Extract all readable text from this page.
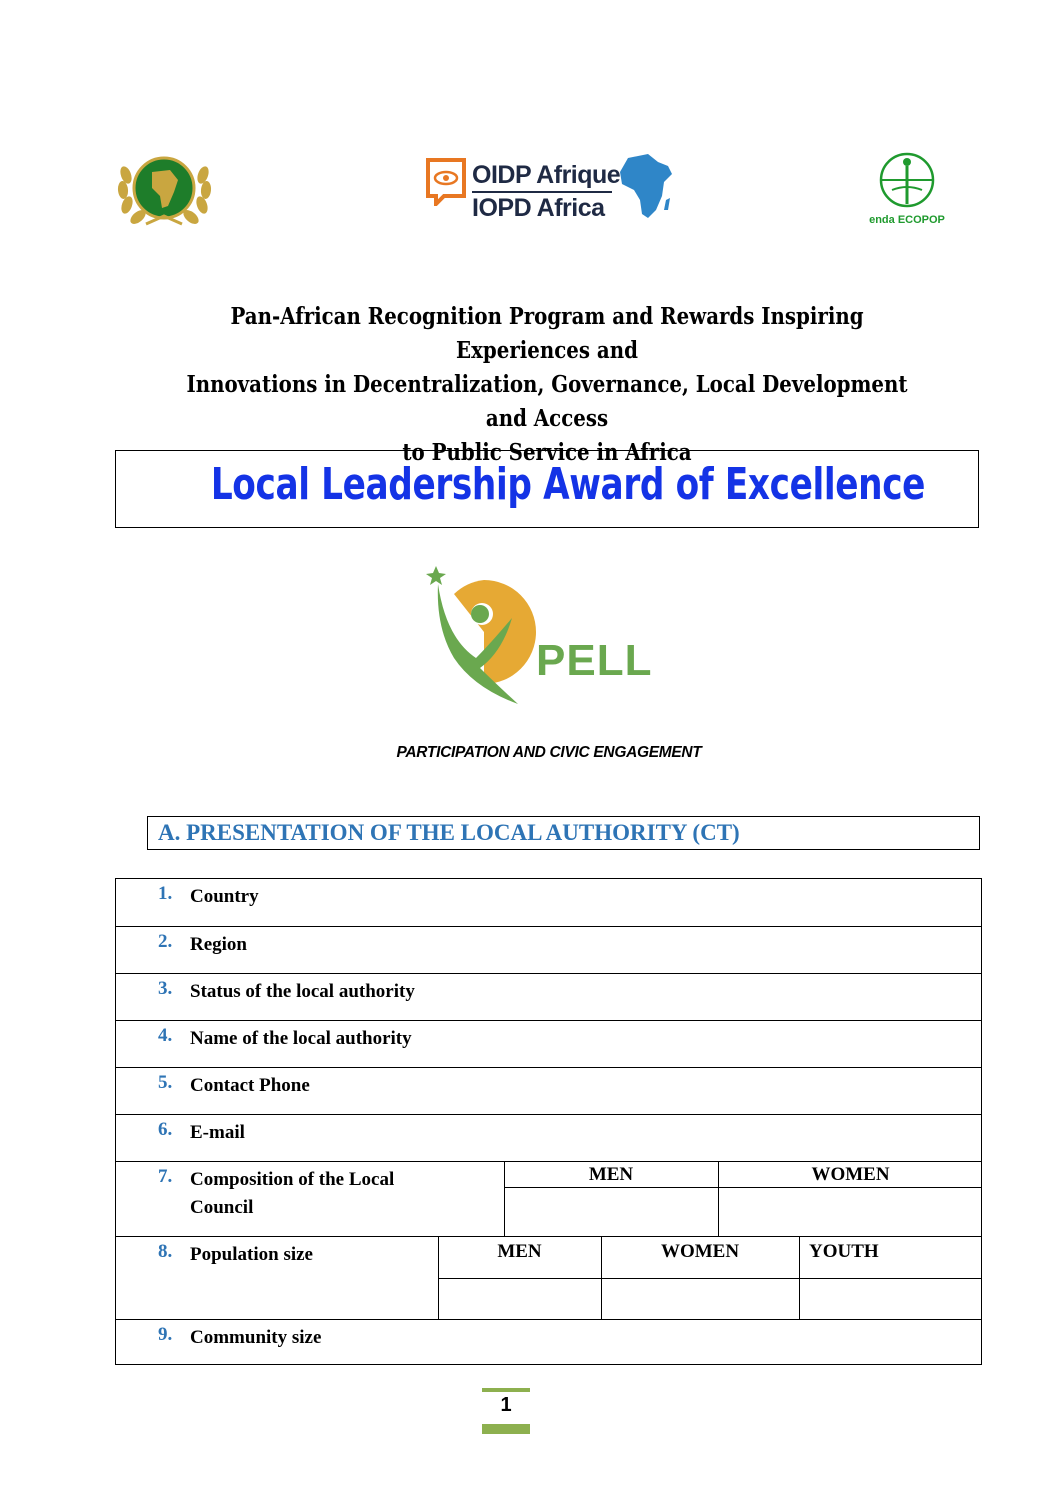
OIDP Afrique
IOPD Africa	enda ECOPOP
Pan-African Recognition Program and Rewards Inspiring Experiences and
Innovations in Decentralization, Governance, Local Development and Access
to Public Service in Africa
Local Leadership Award of Excellence
PELL
PARTICIPATION AND CIVIC ENGAGEMENT
A. PRESENTATION OF THE LOCAL AUTHORITY (CT)
1. Country
2. Region
3. Status of the local authority
4. Name of the local authority
5. Contact Phone
6. E-mail
7. Composition of the Local
Council
MEN	WOMEN
8. Population size	MEN	WOMEN	YOUTH
9. Community size
1
